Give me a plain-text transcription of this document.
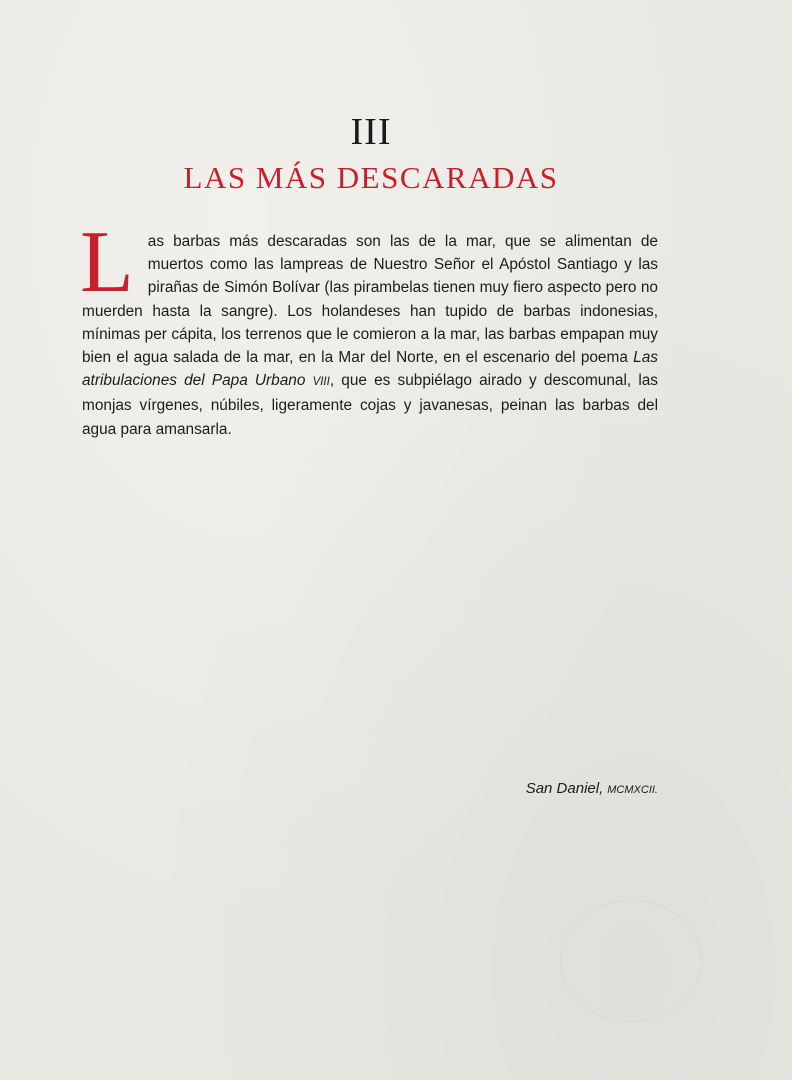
III
LAS MÁS DESCARADAS
Las barbas más descaradas son las de la mar, que se alimentan de muertos como las lampreas de Nuestro Señor el Apóstol Santiago y las pirañas de Simón Bolívar (las pirambelas tienen muy fiero aspecto pero no muerden hasta la sangre). Los holandeses han tupido de barbas indonesias, mínimas per cápita, los terrenos que le comieron a la mar, las barbas empapan muy bien el agua salada de la mar, en la Mar del Norte, en el escenario del poema Las atribulaciones del Papa Urbano VIII, que es subpiélago airado y descomunal, las monjas vírgenes, núbiles, ligeramente cojas y javanesas, peinan las barbas del agua para amansarla.
San Daniel, MCMXCII.
